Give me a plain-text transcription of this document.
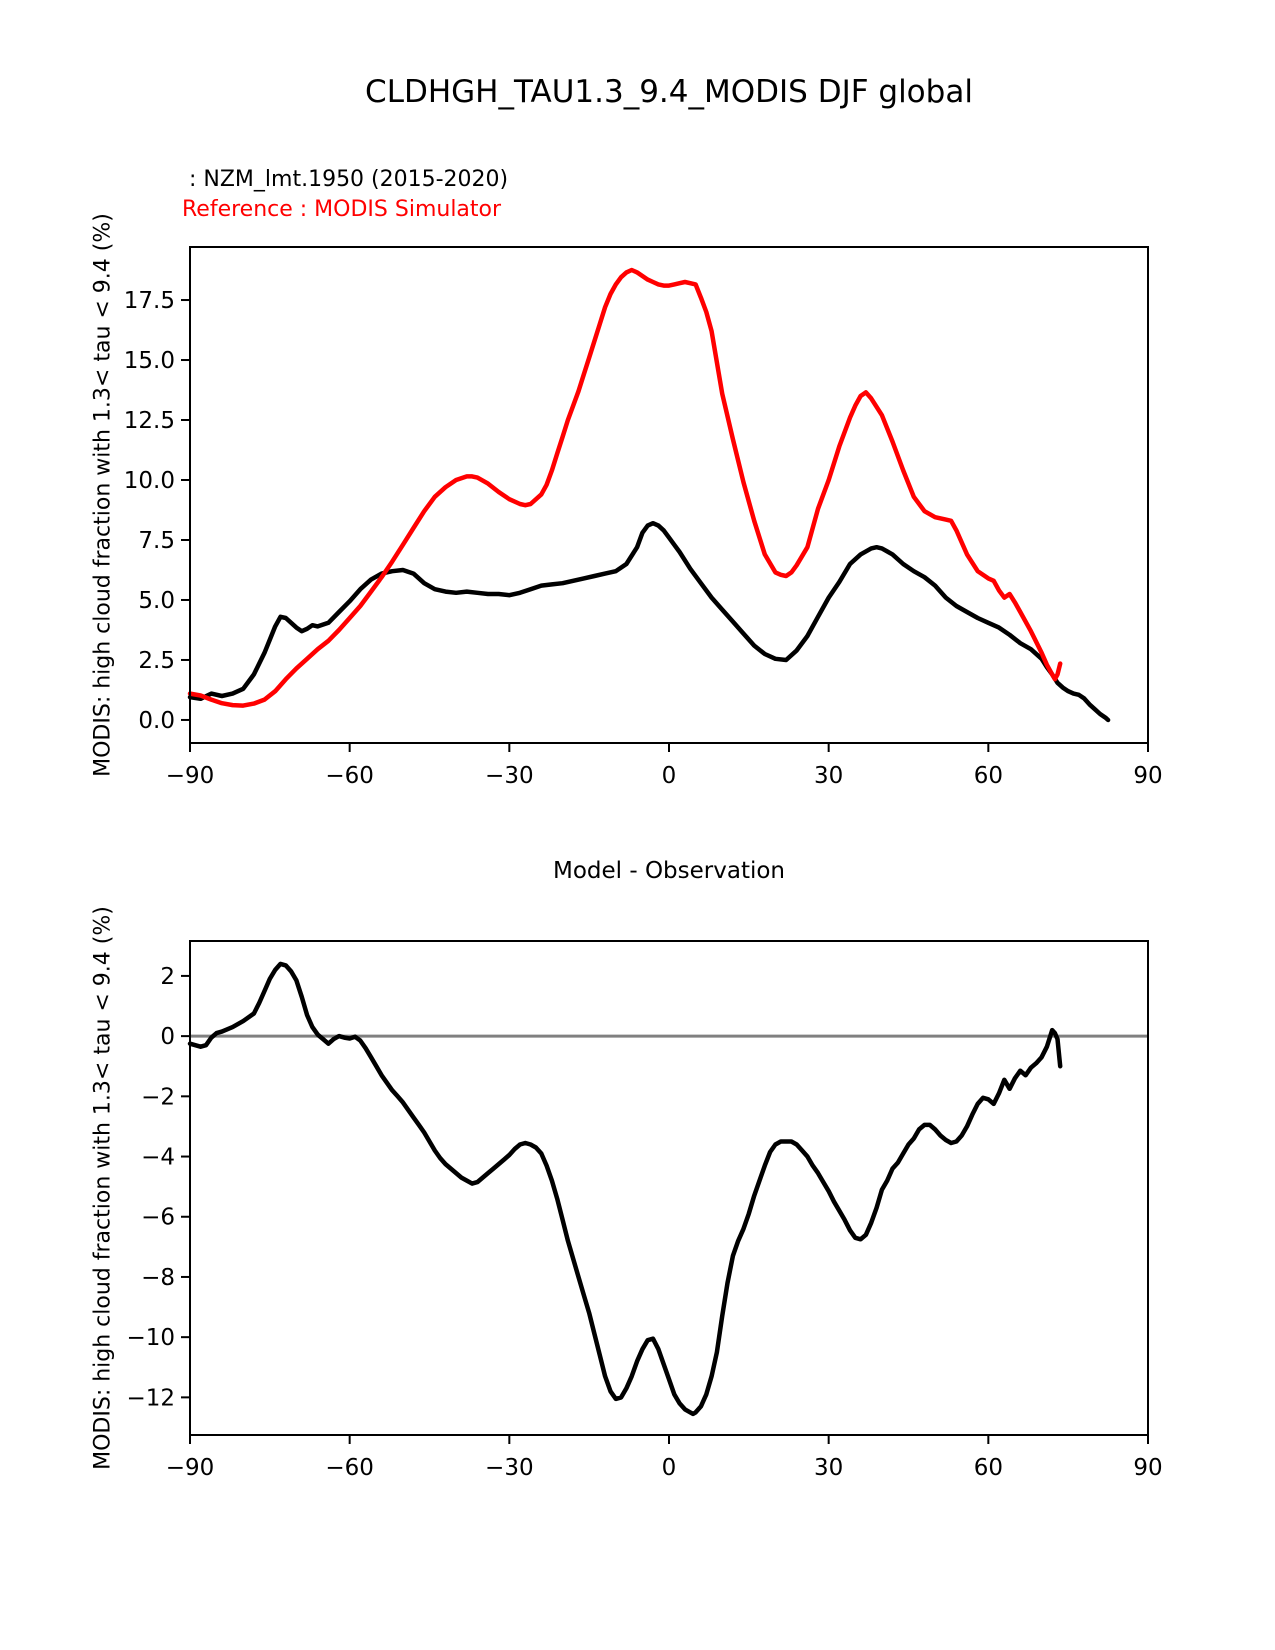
CLDHGH_TAU1.3_9.4_MODIS DJF global
: NZM_lmt.1950 (2015-2020)
Reference : MODIS Simulator
MODIS: high cloud fraction with 1.3< tau < 9.4 (%)
Model - Observation
MODIS: high cloud fraction with 1.3< tau < 9.4 (%)
−90	−60	−30	0	30	60	90
0.0
2.5
5.0
7.5
10.0
12.5
15.0
17.5
−90	−60	−30	0	30	60	90
2
0
−2
−4
−6
−8
−10
−12
